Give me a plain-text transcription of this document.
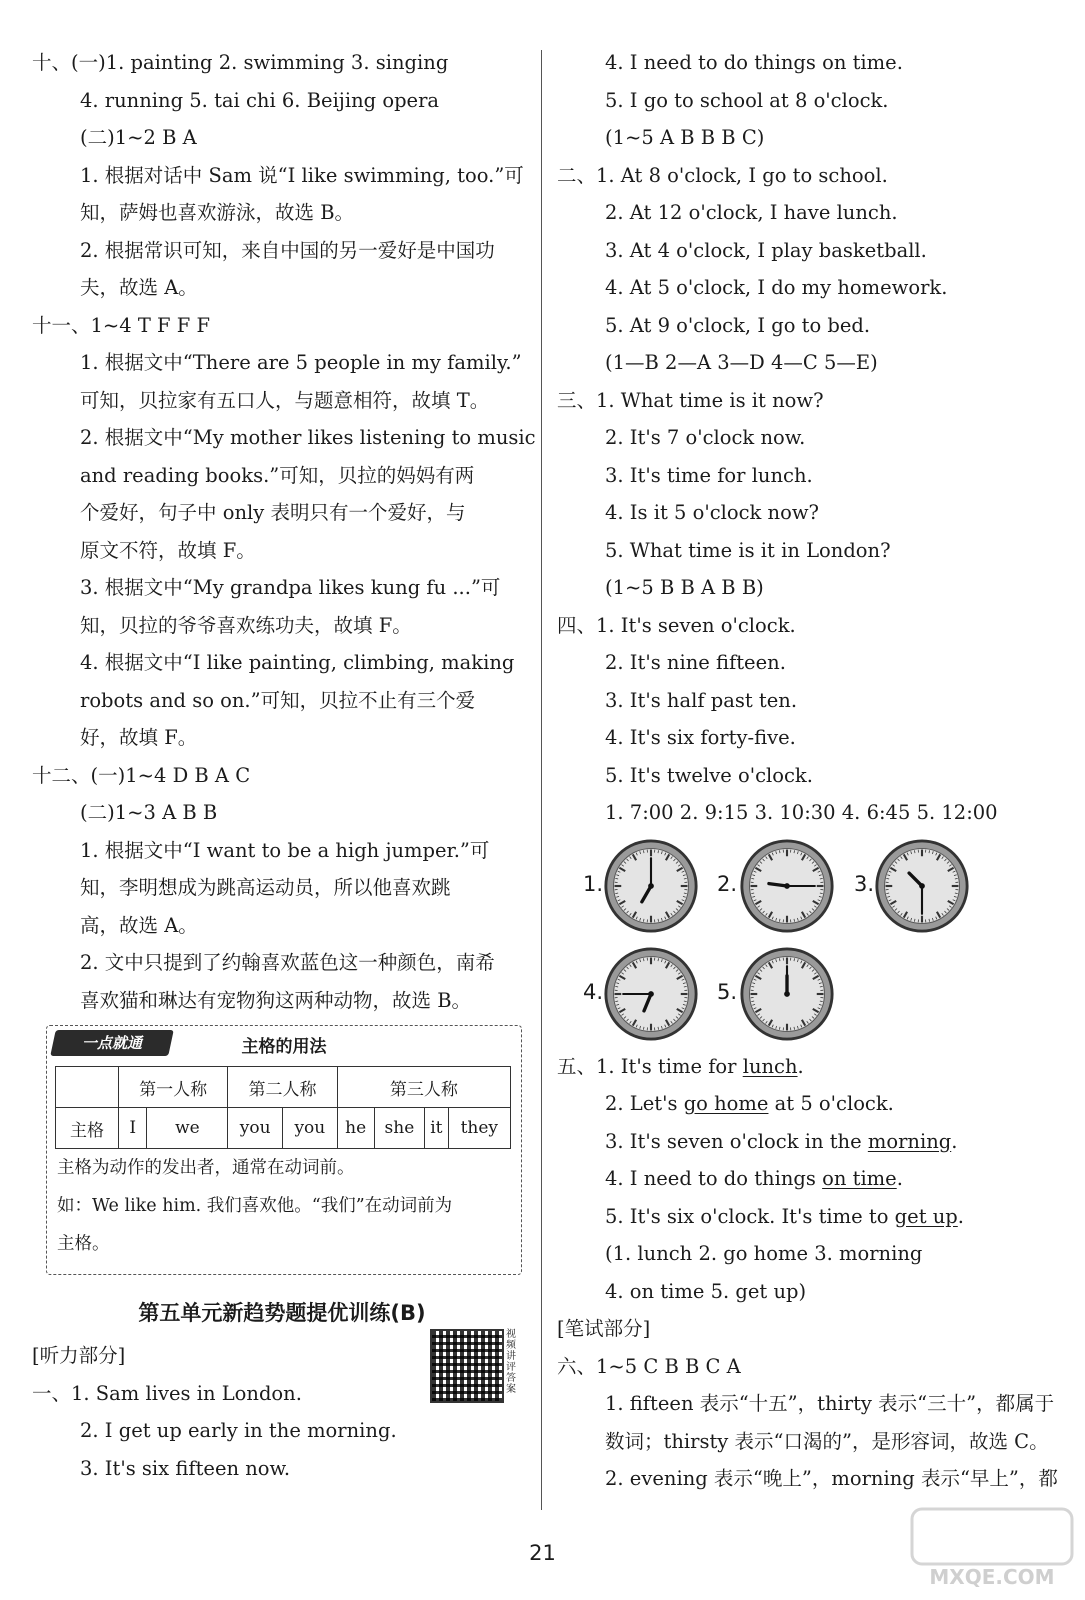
十、(一)1. painting 2. swimming 3. singing
4. running 5. tai chi 6. Beijing opera
(二)1~2 B A
1. 根据对话中 Sam 说“I like swimming, too.”可
知，萨姆也喜欢游泳，故选 B。
2. 根据常识可知，来自中国的另一爱好是中国功
夫，故选 A。
十一、1~4 T F F F
1. 根据文中“There are 5 people in my family.”
可知，贝拉家有五口人，与题意相符，故填 T。
2. 根据文中“My mother likes listening to music
and reading books.”可知，贝拉的妈妈有两
个爱好，句子中 only 表明只有一个爱好，与
原文不符，故填 F。
3. 根据文中“My grandpa likes kung fu ...”可
知，贝拉的爷爷喜欢练功夫，故填 F。
4. 根据文中“I like painting, climbing, making
robots and so on.”可知，贝拉不止有三个爱
好，故填 F。
十二、(一)1~4 D B A C
(二)1~3 A B B
1. 根据文中“I want to be a high jumper.”可
知，李明想成为跳高运动员，所以他喜欢跳
高，故选 A。
2. 文中只提到了约翰喜欢蓝色这一种颜色，南希
喜欢猫和琳达有宠物狗这两种动物，故选 B。
一点就通	主格的用法
	第一人称		第二人称		第三人称			
主格	I	we	you	you	he	she	it	they
主格为动作的发出者，通常在动词前。
如：We like him. 我们喜欢他。“我们”在动词前为
主格。
第五单元新趋势题提优训练(B)
[听力部分]
视频讲评答案
一、1. Sam lives in London.
2. I get up early in the morning.
3. It's six fifteen now.
4. I need to do things on time.
5. I go to school at 8 o'clock.
(1~5 A B B B C)
二、1. At 8 o'clock, I go to school.
2. At 12 o'clock, I have lunch.
3. At 4 o'clock, I play basketball.
4. At 5 o'clock, I do my homework.
5. At 9 o'clock, I go to bed.
(1—B 2—A 3—D 4—C 5—E)
三、1. What time is it now?
2. It's 7 o'clock now.
3. It's time for lunch.
4. Is it 5 o'clock now?
5. What time is it in London?
(1~5 B B A B B)
四、1. It's seven o'clock.
2. It's nine fifteen.
3. It's half past ten.
4. It's six forty-five.
5. It's twelve o'clock.
1. 7:00 2. 9:15 3. 10:30 4. 6:45 5. 12:00
1.	2.	3.
4.	5.
五、1. It's time for lunch.
2. Let's go home at 5 o'clock.
3. It's seven o'clock in the morning.
4. I need to do things on time.
5. It's six o'clock. It's time to get up.
(1. lunch 2. go home 3. morning
4. on time 5. get up)
[笔试部分]
六、1~5 C B B C A
1. fifteen 表示“十五”，thirty 表示“三十”，都属于
数词；thirsty 表示“口渴的”，是形容词，故选 C。
2. evening 表示“晚上”，morning 表示“早上”，都
21
MXQE.COM
